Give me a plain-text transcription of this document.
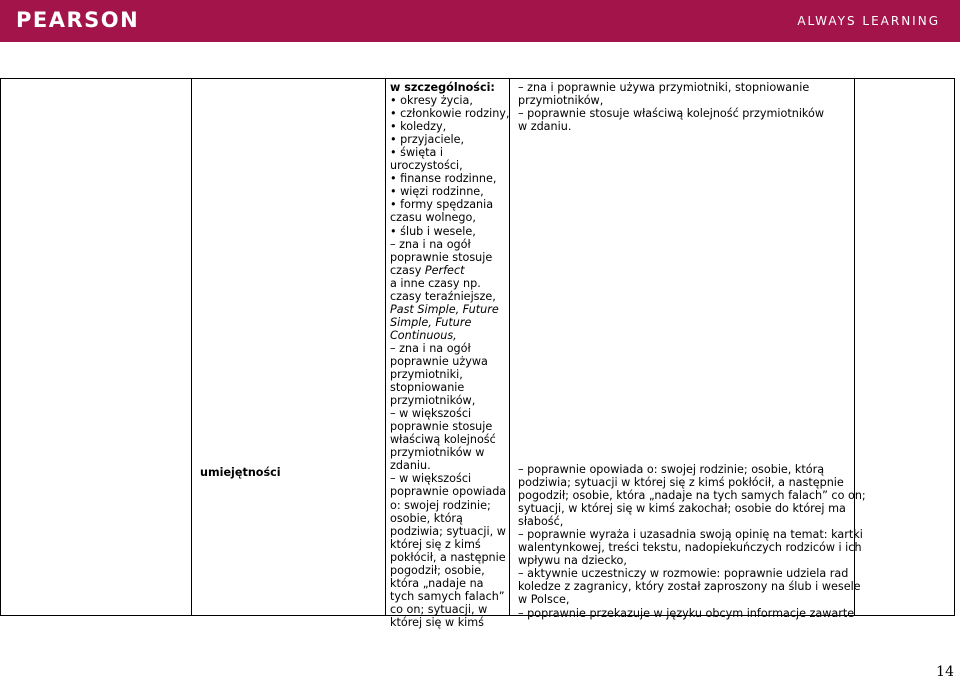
PEARSON	ALWAYS LEARNING
umiejętności
w szczególności:
• okresy życia,
• członkowie rodziny,
• koledzy,
• przyjaciele,
• święta i
uroczystości,
• finanse rodzinne,
• więzi rodzinne,
• formy spędzania
czasu wolnego,
• ślub i wesele,
– zna i na ogół
poprawnie stosuje
czasy Perfect
a inne czasy np.
czasy teraźniejsze,
Past Simple, Future
Simple, Future
Continuous,
– zna i na ogół
poprawnie używa
przymiotniki,
stopniowanie
przymiotników,
– w większości
poprawnie stosuje
właściwą kolejność
przymiotników w
zdaniu.
– w większości
poprawnie opowiada
o: swojej rodzinie;
osobie, którą
podziwia; sytuacji, w
której się z kimś
pokłócił, a następnie
pogodził; osobie,
która „nadaje na
tych samych falach”
co on; sytuacji, w
której się w kimś
– zna i poprawnie używa przymiotniki, stopniowanie
przymiotników,
– poprawnie stosuje właściwą kolejność przymiotników
w zdaniu.
– poprawnie opowiada o: swojej rodzinie; osobie, którą
podziwia; sytuacji w której się z kimś pokłócił, a następnie
pogodził; osobie, która „nadaje na tych samych falach” co on;
sytuacji, w której się w kimś zakochał; osobie do której ma
słabość,
– poprawnie wyraża i uzasadnia swoją opinię na temat: kartki
walentynkowej, treści tekstu, nadopiekuńczych rodziców i ich
wpływu na dziecko,
– aktywnie uczestniczy w rozmowie: poprawnie udziela rad
koledze z zagranicy, który został zaproszony na ślub i wesele
w Polsce,
– poprawnie przekazuje w języku obcym informacje zawarte
14
